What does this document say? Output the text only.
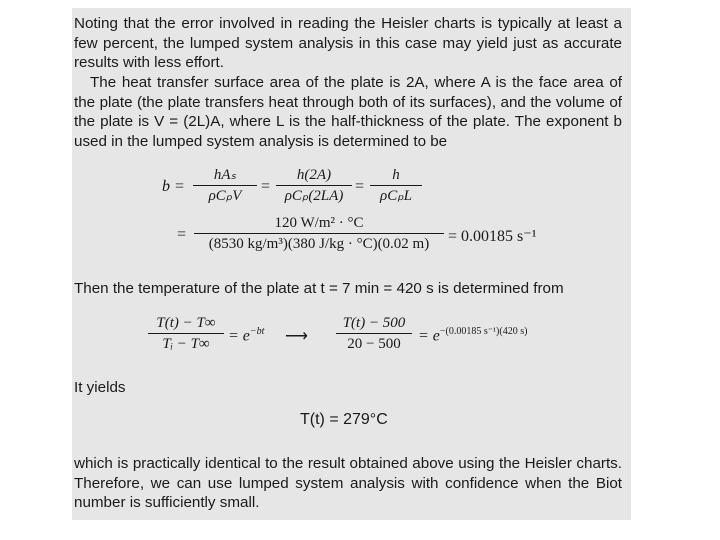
Noting that the error involved in reading the Heisler charts is typically at least a few percent, the lumped system analysis in this case may yield just as accurate results with less effort.

The heat transfer surface area of the plate is 2A, where A is the face area of the plate (the plate transfers heat through both of its surfaces), and the volume of the plate is V = (2L)A, where L is the half-thickness of the plate. The exponent b used in the lumped system analysis is determined to be

b =
hAₛ
ρCₚV
=
h(2A)
ρCₚ(2LA)
=
h
ρCₚL
=
120 W/m² · °C
(8530 kg/m³)(380 J/kg · °C)(0.02 m)	= 0.00185 s⁻¹

Then the temperature of the plate at t = 7 min = 420 s is determined from

T(t) − T∞
Tᵢ − T∞	= $e^{-bt}$ ⟶
T(t) − 500
20 − 500	= $e^{-(0.00185 s^{-1})(420 s)}$

It yields

T(t) = 279°C

which is practically identical to the result obtained above using the Heisler charts. Therefore, we can use lumped system analysis with confidence when the Biot number is sufficiently small.
